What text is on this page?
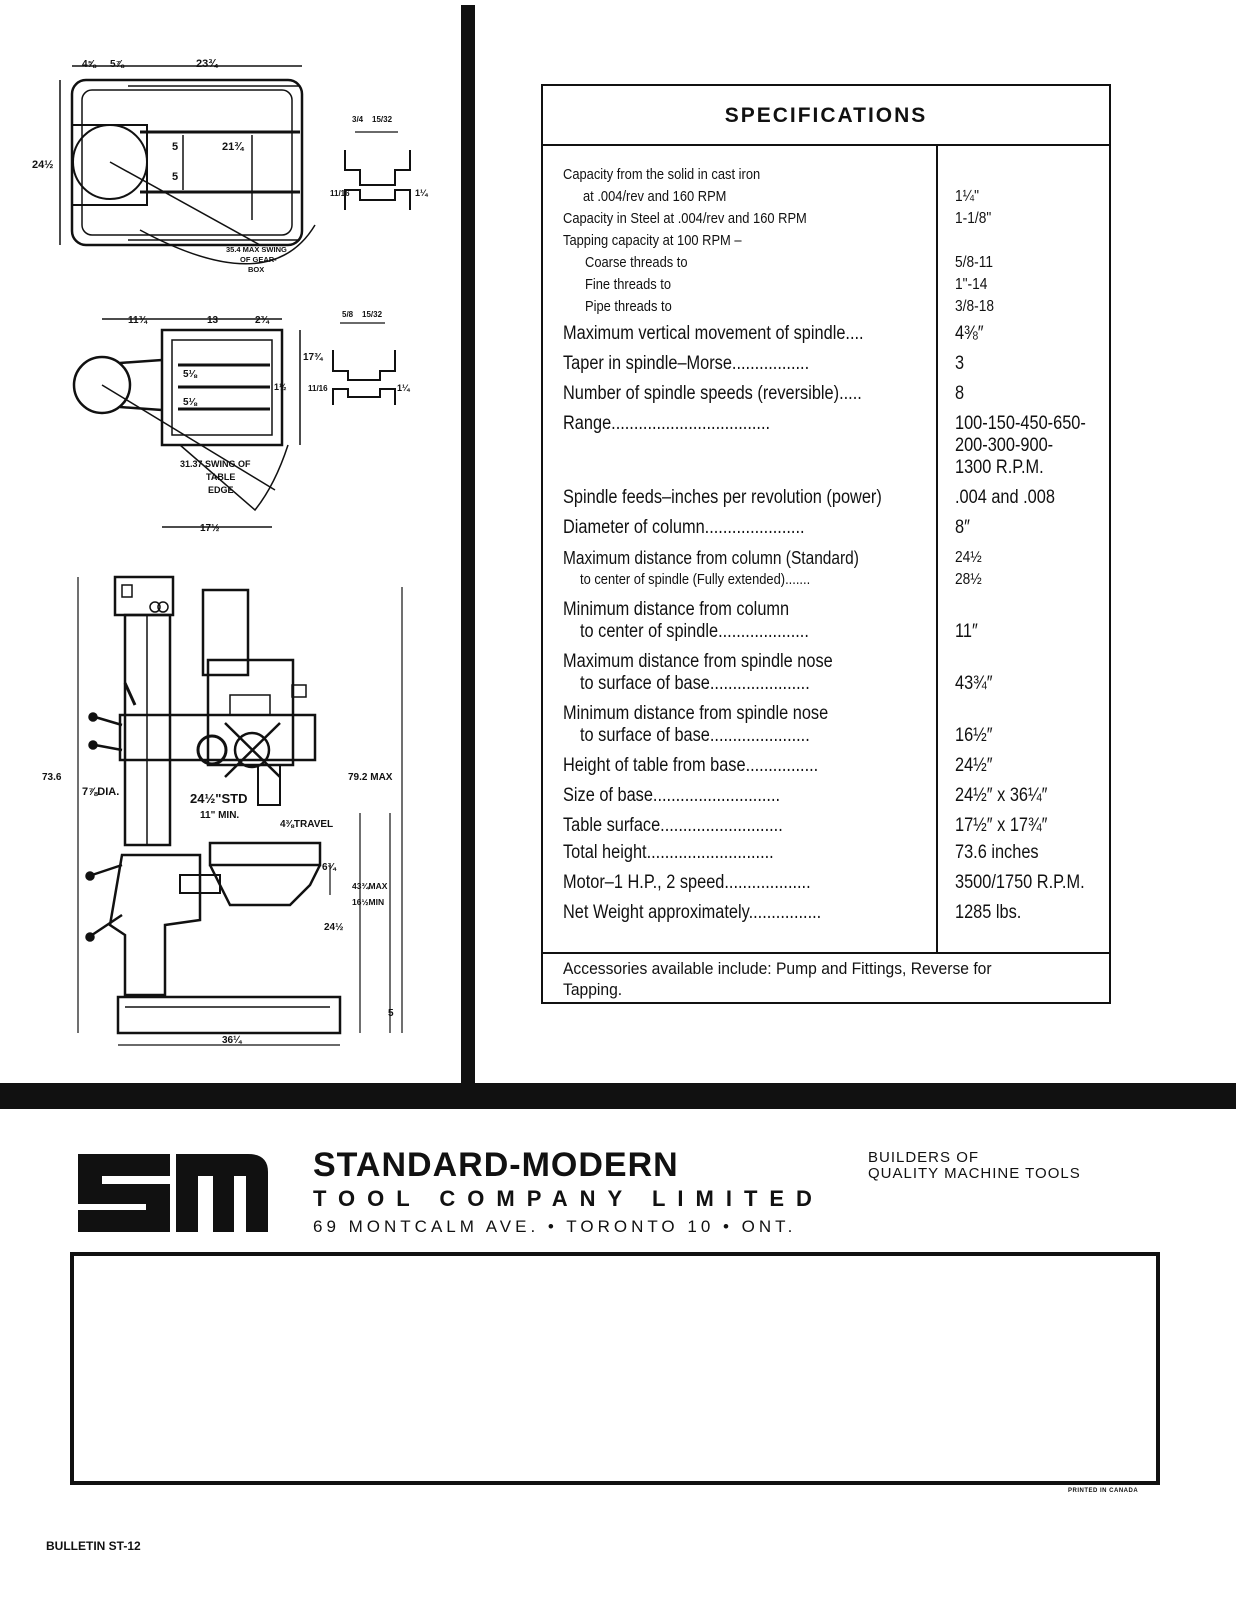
4⅝ 5⅞	23¾
24½
21¾
5
5
35.4 MAX SWING
OF GEAR-
BOX
3/4 15/32
11/16	1¼
11¾	13	2¾
17¾
5⅛
5⅛
1½
31.37 SWING OF
TABLE
EDGE
17½
5/8 15/32
11/16	1¼
73.6	79.2 MAX
7⅞DIA.	24½"STD
11" MIN.
4⅜TRAVEL
6¾
43¾MAX
16½MIN
24½
5
36¼
SPECIFICATIONS
Capacity from the solid in cast iron
at .004/rev and 160 RPM	1¼"
Capacity in Steel at .004/rev and 160 RPM	1-1/8"
Tapping capacity at 100 RPM –
Coarse threads to	5/8-11
Fine threads to	1"-14
Pipe threads to	3/8-18
Maximum vertical movement of spindle....	4⅜″
Taper in spindle–Morse.................	3
Number of spindle speeds (reversible).....	8
Range...................................	100-150-450-650-
200-300-900-
1300 R.P.M.
Spindle feeds–inches per revolution (power)	.004 and .008
Diameter of column......................	8″
Maximum distance from column (Standard)	24½
to center of spindle (Fully extended).......	28½
Minimum distance from column
to center of spindle....................	11″
Maximum distance from spindle nose
to surface of base......................	43¾″
Minimum distance from spindle nose
to surface of base......................	16½″
Height of table from base................	24½″
Size of base............................	24½″ x 36¼″
Table surface...........................	17½″ x 17¾″
Total height............................	73.6 inches
Motor–1 H.P., 2 speed...................	3500/1750 R.P.M.
Net Weight approximately................	1285 lbs.
Accessories available include: Pump and Fittings, Reverse for Tapping.
STANDARD-MODERN
TOOL COMPANY LIMITED
69 MONTCALM AVE. • TORONTO 10 • ONT.
BUILDERS OF
QUALITY MACHINE TOOLS
PRINTED IN CANADA
BULLETIN ST-12
